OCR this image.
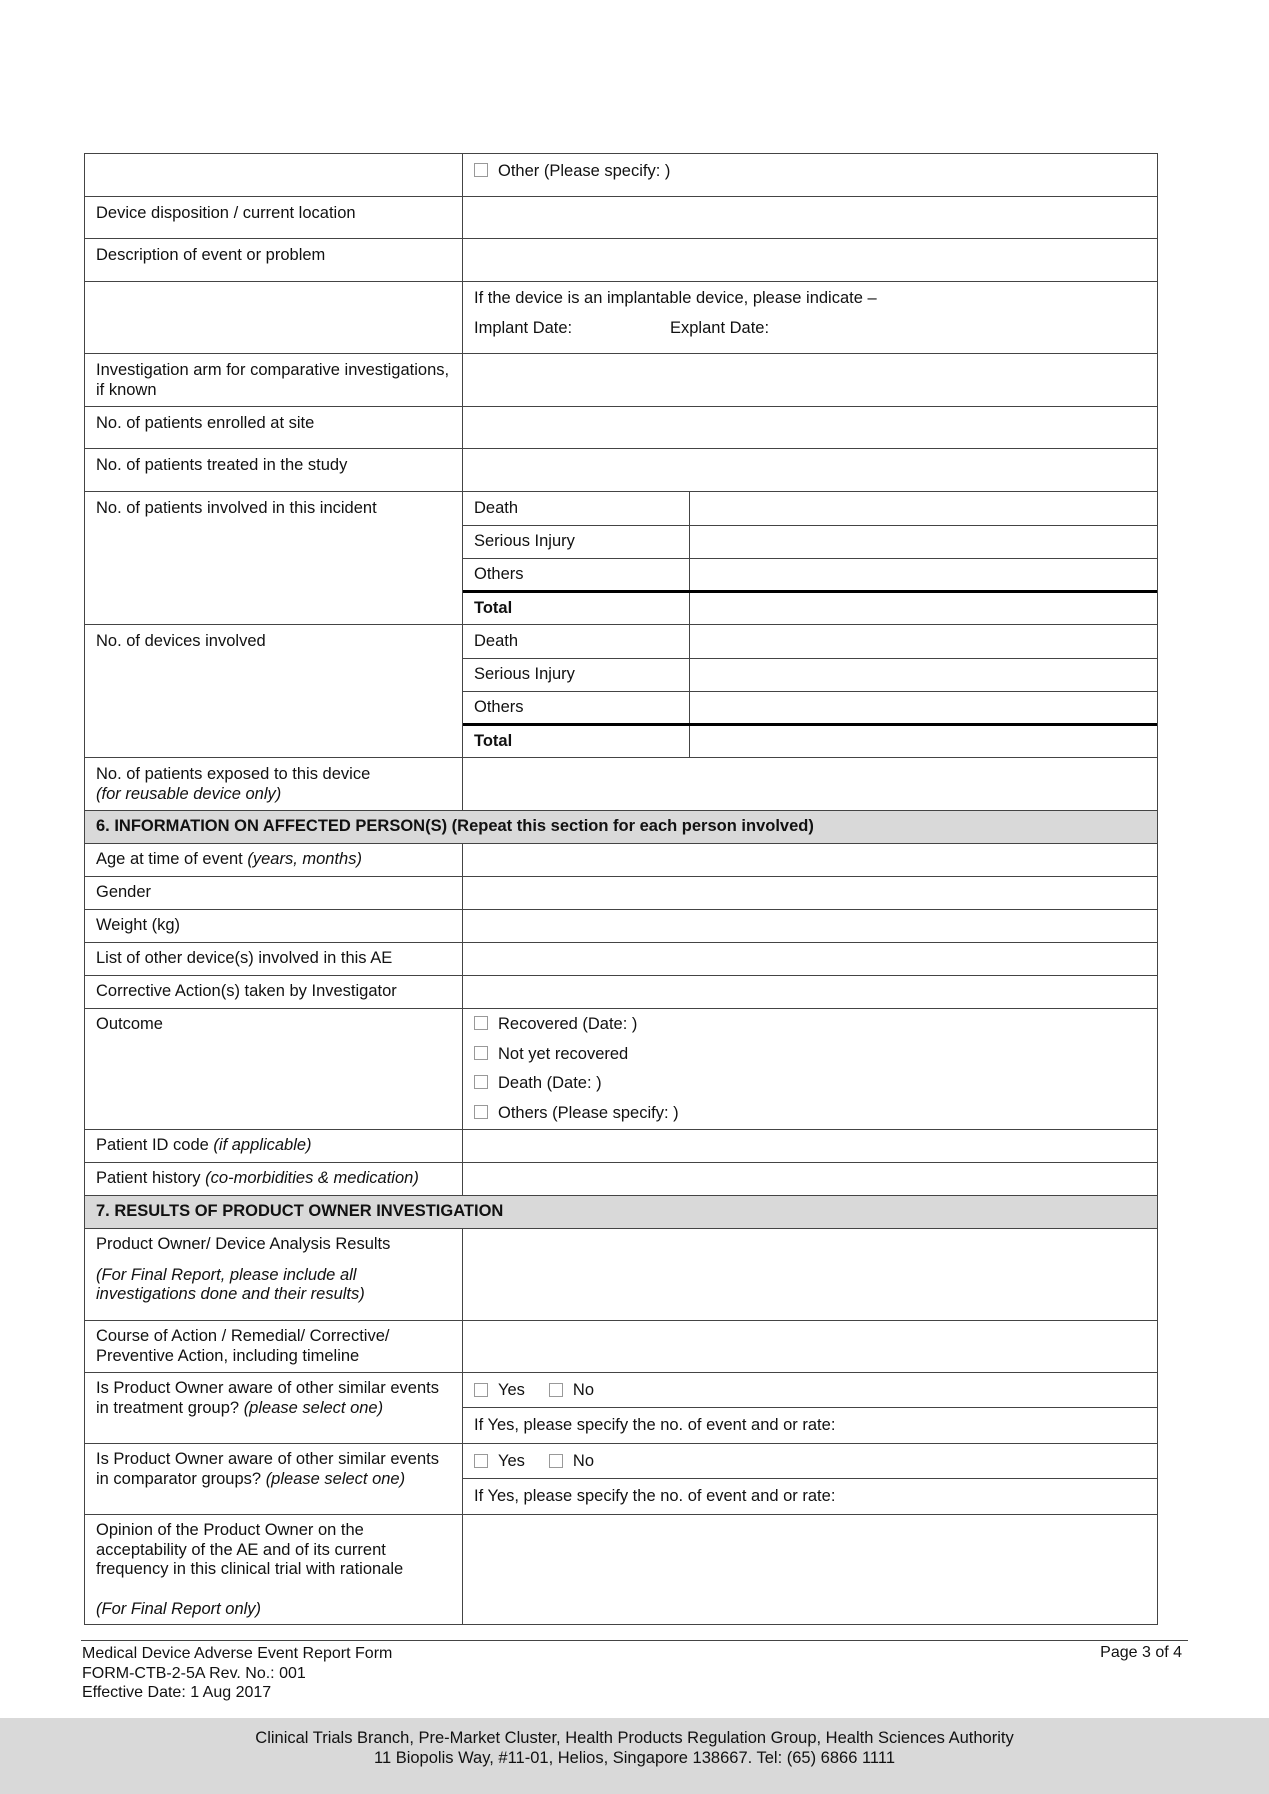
	Other (Please specify: )
Device disposition / current location	
Description of event or problem	

If the device is an implantable device, please indicate –
Implant Date:	Explant Date:

Investigation arm for comparative investigations, if known	
No. of patients enrolled at site	
No. of patients treated in the study	
No. of patients involved in this incident		Death	
Serious Injury	
Others	
Total	

No. of devices involved		Death	
Serious Injury	
Others	
Total	

No. of patients exposed to this device
(for reusable device only)

6. INFORMATION ON AFFECTED PERSON(S) (Repeat this section for each person involved)
Age at time of event (years, months)	
Gender	
Weight (kg)	
List of other device(s) involved in this AE	
Corrective Action(s) taken by Investigator	
Outcome	Recovered (Date: )
Not yet recovered
Death (Date: )
Others (Please specify: )

Patient ID code (if applicable)	
Patient history (co-morbidities & medication)	
7. RESULTS OF PRODUCT OWNER INVESTIGATION

Product Owner/ Device Analysis Results
(For Final Report, please include all investigations done and their results)

Course of Action / Remedial/ Corrective/ Preventive Action, including timeline	
Is Product Owner aware of other similar events in treatment group? (please select one)	
Yes	No
If Yes, please specify the no. of event and or rate:

Is Product Owner aware of other similar events in comparator groups? (please select one)	
Yes	No
If Yes, please specify the no. of event and or rate:

Opinion of the Product Owner on the acceptability of the AE and of its current frequency in this clinical trial with rationale
(For Final Report only)

Medical Device Adverse Event Report Form
FORM-CTB-2-5A Rev. No.: 001
Effective Date: 1 Aug 2017
Page 3 of 4
Clinical Trials Branch, Pre-Market Cluster, Health Products Regulation Group, Health Sciences Authority
11 Biopolis Way, #11-01, Helios, Singapore 138667. Tel: (65) 6866 1111
